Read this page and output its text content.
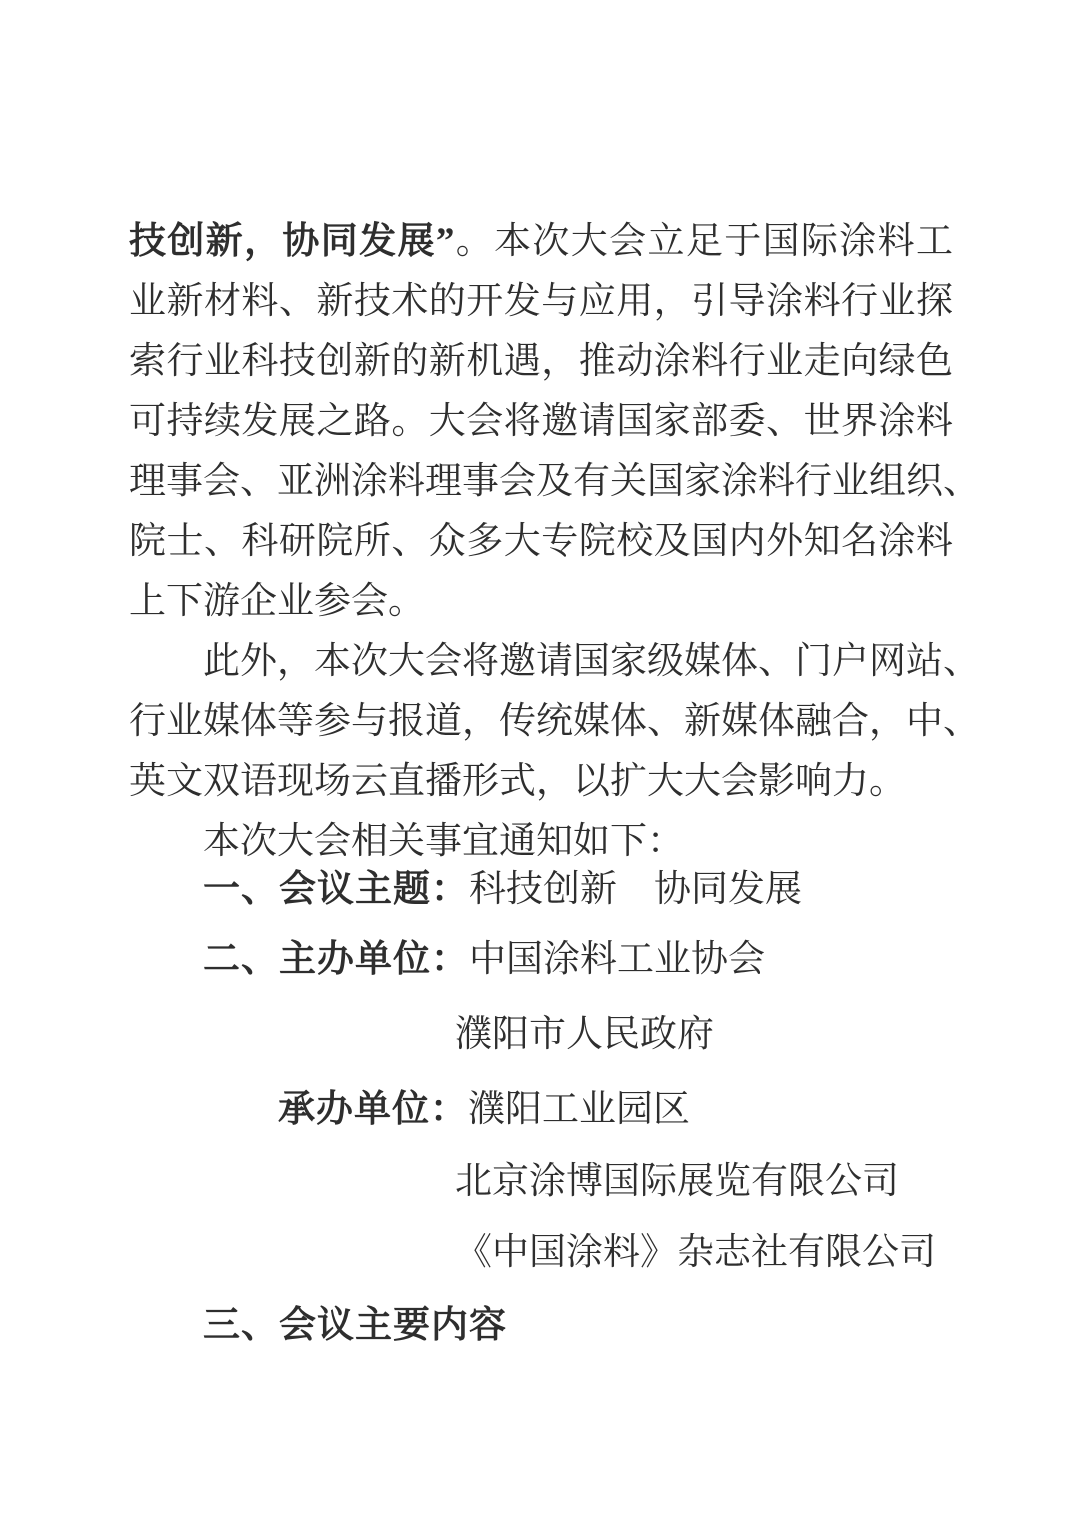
技创新，协同发展”。本次大会立足于国际涂料工
业新材料、新技术的开发与应用，引导涂料行业探
索行业科技创新的新机遇，推动涂料行业走向绿色
可持续发展之路。大会将邀请国家部委、世界涂料
理事会、亚洲涂料理事会及有关国家涂料行业组织、
院士、科研院所、众多大专院校及国内外知名涂料
上下游企业参会。
此外，本次大会将邀请国家级媒体、门户网站、
行业媒体等参与报道，传统媒体、新媒体融合，中、
英文双语现场云直播形式，以扩大大会影响力。
本次大会相关事宜通知如下：
一、会议主题：科技创新　协同发展
二、主办单位：中国涂料工业协会
濮阳市人民政府
承办单位：濮阳工业园区
北京涂博国际展览有限公司
《中国涂料》杂志社有限公司
三、会议主要内容
